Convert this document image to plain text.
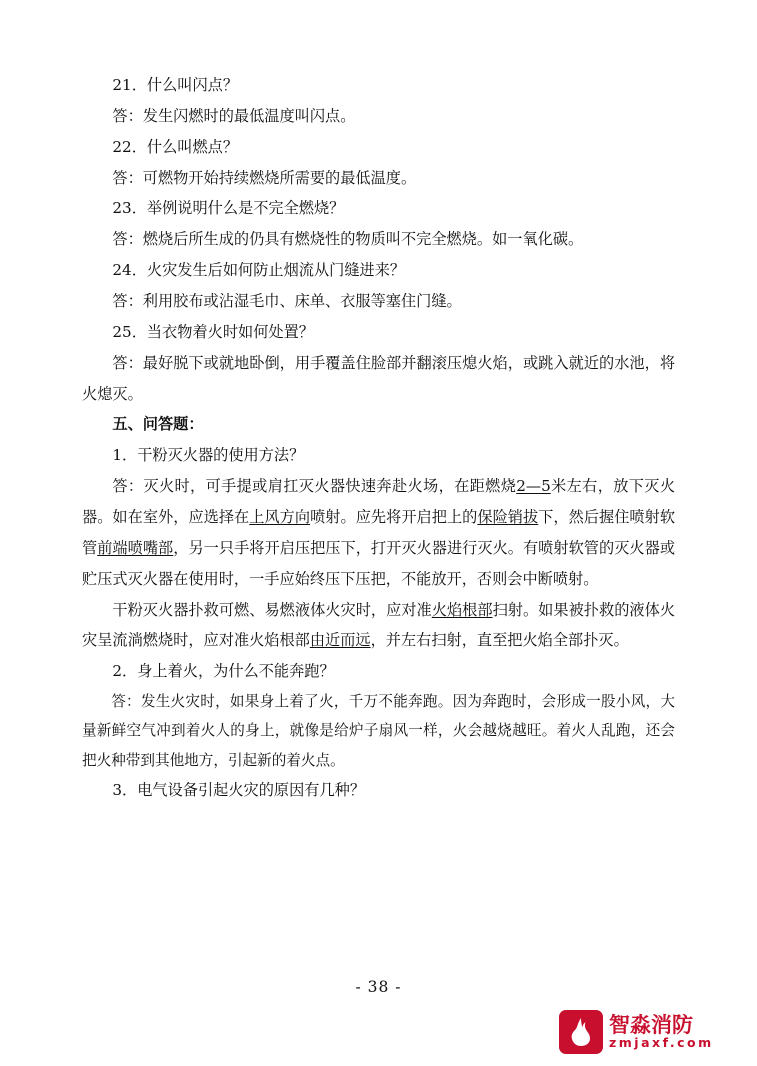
21．什么叫闪点？

答：发生闪燃时的最低温度叫闪点。

22．什么叫燃点？

答：可燃物开始持续燃烧所需要的最低温度。

23．举例说明什么是不完全燃烧？

答：燃烧后所生成的仍具有燃烧性的物质叫不完全燃烧。如一氧化碳。

24．火灾发生后如何防止烟流从门缝进来？

答：利用胶布或沾湿毛巾、床单、衣服等塞住门缝。

25．当衣物着火时如何处置？

答：最好脱下或就地卧倒，用手覆盖住脸部并翻滚压熄火焰，或跳入就近的水池，将火熄灭。

五、问答题：

1．干粉灭火器的使用方法？

答：灭火时，可手提或肩扛灭火器快速奔赴火场，在距燃烧2—5米左右，放下灭火器。如在室外，应选择在上风方向喷射。应先将开启把上的保险销拔下，然后握住喷射软管前端喷嘴部，另一只手将开启压把压下，打开灭火器进行灭火。有喷射软管的灭火器或贮压式灭火器在使用时，一手应始终压下压把，不能放开，否则会中断喷射。

干粉灭火器扑救可燃、易燃液体火灾时，应对准火焰根部扫射。如果被扑救的液体火灾呈流淌燃烧时，应对准火焰根部由近而远，并左右扫射，直至把火焰全部扑灭。

2．身上着火，为什么不能奔跑？

答：发生火灾时，如果身上着了火，千万不能奔跑。因为奔跑时，会形成一股小风，大量新鲜空气冲到着火人的身上，就像是给炉子扇风一样，火会越烧越旺。着火人乱跑，还会把火种带到其他地方，引起新的着火点。

3．电气设备引起火灾的原因有几种？

- 38 -
智淼消防
zmjaxf.com
